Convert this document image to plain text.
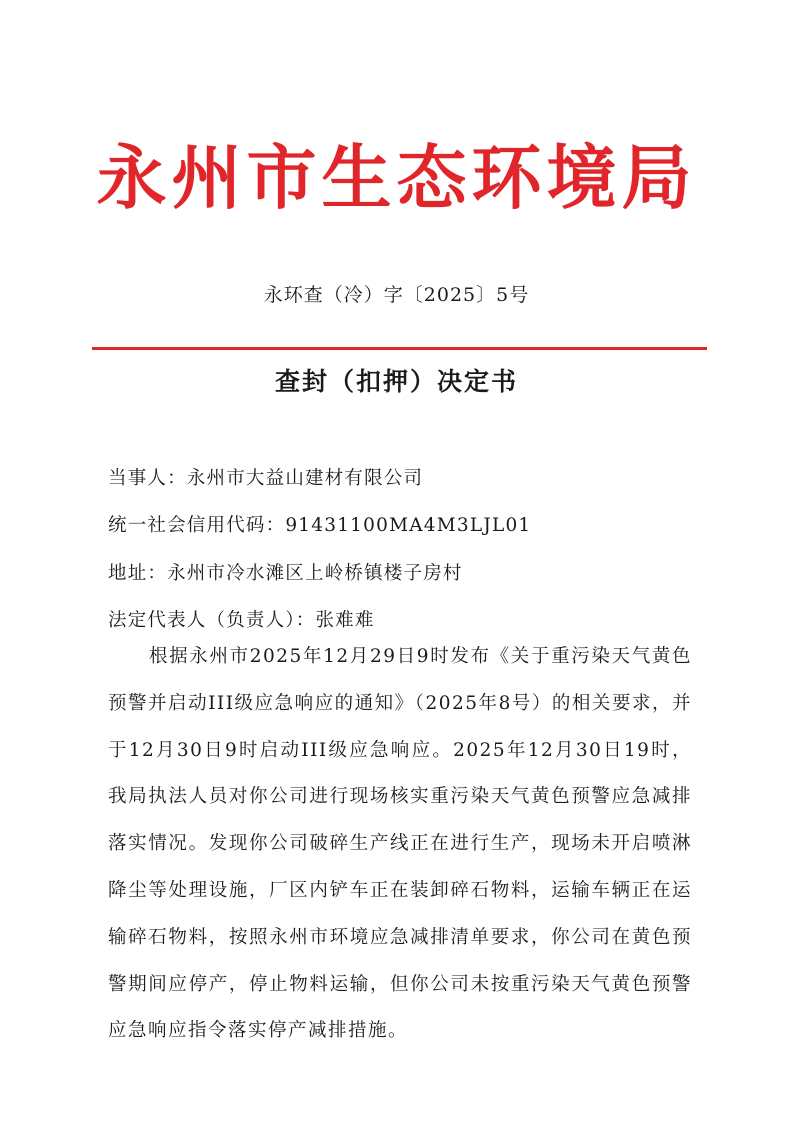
永州市生态环境局
永环查（冷）字〔2025〕5号
查封（扣押）决定书
当事人：永州市大益山建材有限公司
统一社会信用代码：91431100MA4M3LJL01
地址：永州市冷水滩区上岭桥镇楼子房村
法定代表人（负责人）：张难难
根据永州市2025年12月29日9时发布《关于重污染天气黄色预警并启动III级应急响应的通知》（2025年8号）的相关要求，并于12月30日9时启动III级应急响应。2025年12月30日19时，我局执法人员对你公司进行现场核实重污染天气黄色预警应急减排落实情况。发现你公司破碎生产线正在进行生产，现场未开启喷淋降尘等处理设施，厂区内铲车正在装卸碎石物料，运输车辆正在运输碎石物料，按照永州市环境应急减排清单要求，你公司在黄色预警期间应停产，停止物料运输，但你公司未按重污染天气黄色预警应急响应指令落实停产减排措施。
